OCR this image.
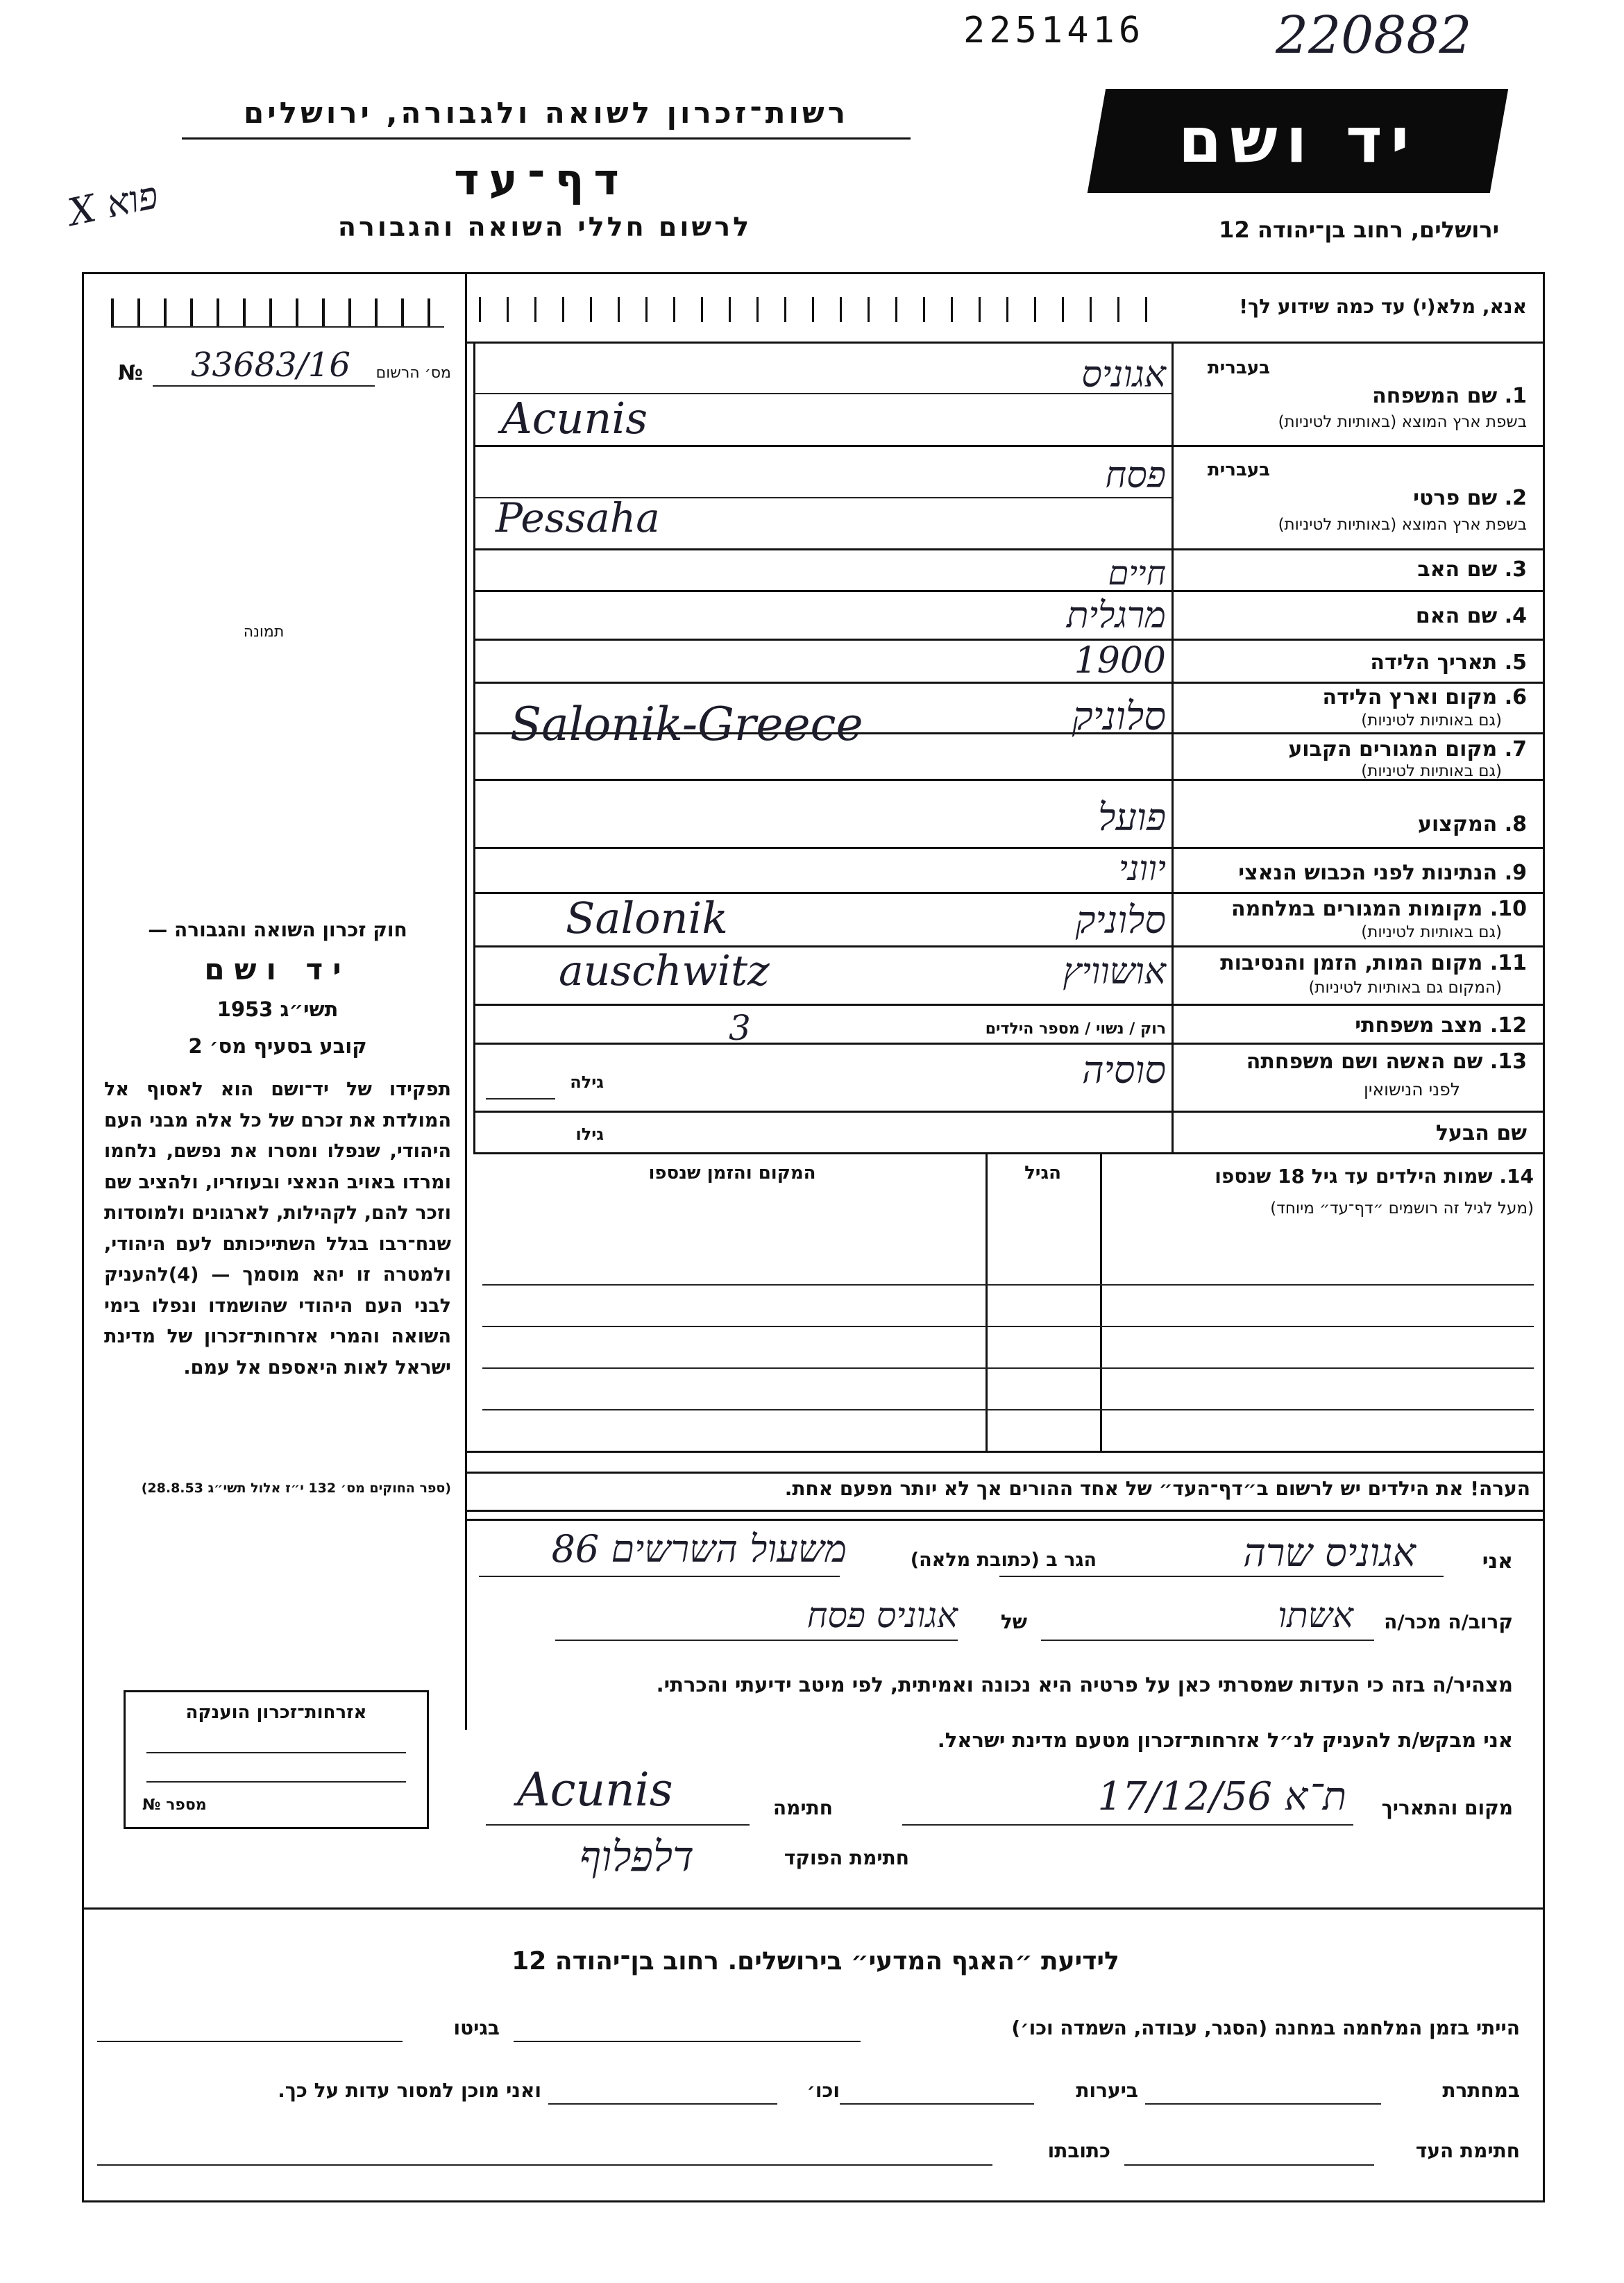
2251416	220882
רשות־זכרון לשואה ולגבורה, ירושלים
דף־עד
לרשום חללי השואה והגבורה
X פוא
יד ושם
ירושלים, רחוב בן־יהודה 12
מס׳ הרשום
33683/16
№
תמונה
חוק זכרון השואה והגבורה —
יד ושם
תשי״ג 1953
קובע בסעיף מס׳ 2
תפקידו של יד־ושם הוא לאסוף אל המולדת את זכרם של כל אלה מבני העם היהודי, שנפלו ומסרו את נפשם, נלחמו ומרדו באויב הנאצי ובעוזריו, ולהציב שם וזכר להם, לקהילות, לארגונים ולמוסדות שנח־רבו בגלל השתייכותם לעם היהודי, ולמטרה זו יהא מוסמך — (4)להעניק לבני העם היהודי שהושמדו ונפלו בימי השואה והמרי אזרחות־זכרון של מדינת ישראל לאות היאספם אל עמם.
(ספר החוקים מס׳ 132 י״ז אלול תשי״ג 28.8.53)
אזרחות־זכרון הוענקה
№ מספר
אנא, מלא(י) עד כמה שידוע לך!
בעברית
1. שם המשפחה
בשפת ארץ המוצא (באותיות לטיניות)
בעברית
2. שם פרטי
בשפת ארץ המוצא (באותיות לטיניות)
3. שם האב
4. שם האם
5. תאריך הלידה
6. מקום וארץ הלידה
(גם באותיות לטיניות)
7. מקום המגורים הקבוע
(גם באותיות לטיניות)
8. המקצוע
9. הנתינות לפני הכבוש הנאצי
10. מקומות המגורים במלחמה
(גם באותיות לטיניות)
11. מקום המות, הזמן והנסיבות
(המקום גם באותיות לטיניות)
12. מצב משפחתי
13. שם האשה ושם משפחתה
לפני הנישואין
שם הבעל
אגוניס
Acunis
פסח
Pessaha
חיים
מרגלית
1900
סלוניק
Salonik-Greece
פועל
יווני
סלוניק
Salonik
אושוויץ
auschwitz
רוק / נשוי / מספר הילדים
3
סוסיה
גילה
גילו
14. שמות הילדים עד גיל 18 שנספו
(מעל לגיל זה רושמים ״דף־עד״ מיוחד)
הגיל
המקום והזמן שנספו
הערה! את הילדים יש לרשום ב״דף־העד״ של אחד ההורים אך לא יותר מפעם אחת.
אני
אגוניס שרה
הגר ב (כתובת מלאה)
משעול השרשים 86
קרוב/ה מכר/ה
אשתו
של
אגוניס פסח
מצהיר/ה בזה כי העדות שמסרתי כאן על פרטיה היא נכונה ואמיתית, לפי מיטב ידיעתי והכרתי.
אני מבקש/ת להעניק לנ״ל אזרחות־זכרון מטעם מדינת ישראל.
מקום והתאריך
ת־א 17/12/56
חתימה
Acunis
חתימת הפוקד
דלפלוף
לידיעת ״האגף המדעי״ בירושלים. רחוב בן־יהודה 12
הייתי בזמן המלחמה במחנה (הסגר, עבודה, השמדה וכו׳)
בגיטו
במחתרת
ביערות
וכו׳
ואני מוכן למסור עדות על כך.
חתימת העד
כתובתו
